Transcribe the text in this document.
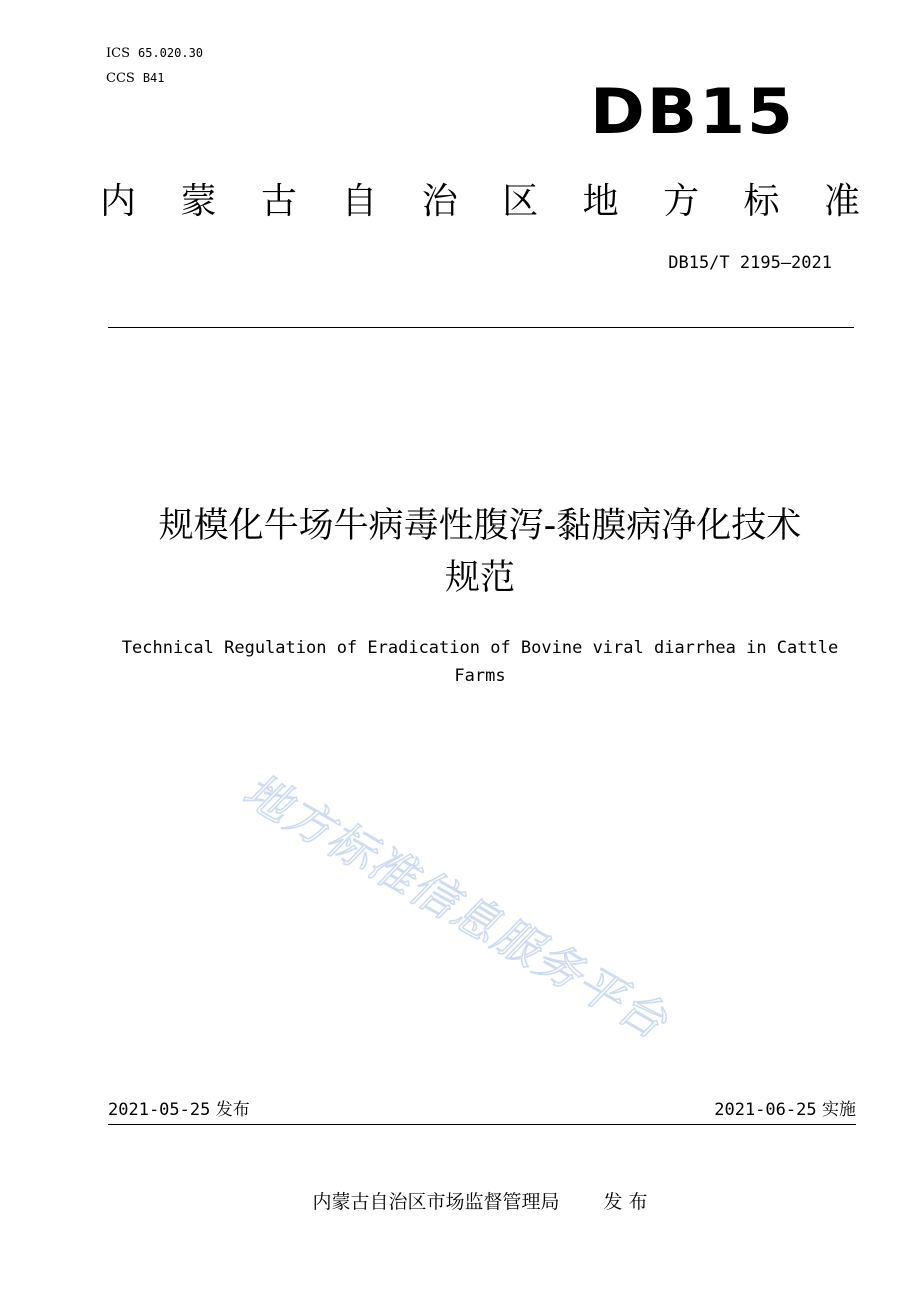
ICS 65.020.30
CCS B41	DB15
内 蒙 古 自 治 区 地 方 标 准
DB15/T 2195—2021
规模化牛场牛病毒性腹泻-黏膜病净化技术
规范
Technical Regulation of Eradication of Bovine viral diarrhea in Cattle
Farms
地方标准信息服务平台
2021-05-25 发布	2021-06-25 实施
内蒙古自治区市场监督管理局 发 布
